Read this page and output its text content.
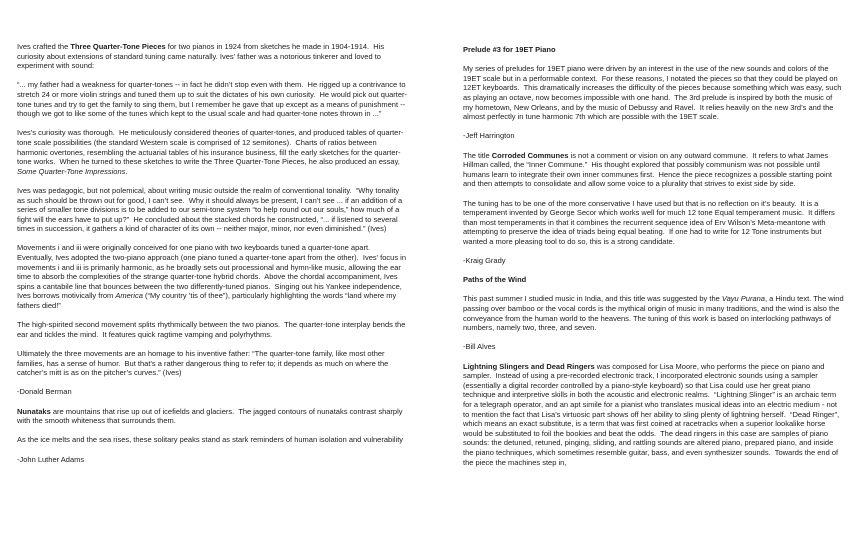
Ives crafted the Three Quarter-Tone Pieces for two pianos in 1924 from sketches he made in 1904-1914.  His curiosity about extensions of standard tuning came naturally. Ives’ father was a notorious tinkerer and loved to experiment with sound:

“... my father had a weakness for quarter-tones -- in fact he didn’t stop even with them.  He rigged up a contrivance to stretch 24 or more violin strings and tuned them up to suit the dictates of his own curiosity.  He would pick out quarter-tone tunes and try to get the family to sing them, but I remember he gave that up except as a means of punishment -- though we got to like some of the tunes which kept to the usual scale and had quarter-tone notes thrown in ...”

Ives’s curiosity was thorough.  He meticulously considered theories of quarter-tones, and produced tables of quarter-tone scale possibilities (the standard Western scale is comprised of 12 semitones).  Charts of ratios between harmonic overtones, resembling the actuarial tables of his insurance business, fill the early sketches for the quarter-tone works.  When he turned to these sketches to write the Three Quarter-Tone Pieces, he also produced an essay, Some Quarter-Tone Impressions.

Ives was pedagogic, but not polemical, about writing music outside the realm of conventional tonality.  “Why tonality as such should be thrown out for good, I can’t see.  Why it should always be present, I can’t see ... if an addition of a series of smaller tone divisions is to be added to our semi-tone system “to help round out our souls,” how much of a fight will the ears have to put up?”  He concluded about the stacked chords he constructed, “... if listened to several times in succession, it gathers a kind of character of its own -- neither major, minor, nor even diminished.” (Ives)

Movements i and iii were originally conceived for one piano with two keyboards tuned a quarter-tone apart.  Eventually, Ives adopted the two-piano approach (one piano tuned a quarter-tone apart from the other).  Ives’ focus in movements i and iii is primarily harmonic, as he broadly sets out processional and hymn-like music, allowing the ear time to absorb the complexities of the strange quarter-tone hybrid chords.  Above the chordal accompaniment, Ives spins a cantabile line that bounces between the two differently-tuned pianos.  Singing out his Yankee independence, Ives borrows motivically from America (“My country ’tis of thee”), particularly highlighting the words “land where my fathers died!”

The high-spirited second movement splits rhythmically between the two pianos.  The quarter-tone interplay bends the ear and tickles the mind.  It features quick ragtime vamping and polyrhythms.

Ultimately the three movements are an homage to his inventive father: “The quarter-tone family, like most other families, has a sense of humor.  But that’s a rather dangerous thing to refer to; it depends as much on where the catcher’s mitt is as on the pitcher’s curves.” (Ives)

-Donald Berman

Nunataks are mountains that rise up out of icefields and glaciers.  The jagged contours of nunataks contrast sharply with the smooth whiteness that surrounds them.

As the ice melts and the sea rises, these solitary peaks stand as stark reminders of human isolation and vulnerability

-John Luther Adams

Prelude #3 for 19ET Piano

My series of preludes for 19ET piano were driven by an interest in the use of the new sounds and colors of the 19ET scale but in a performable context.  For these reasons, I notated the pieces so that they could be played on 12ET keyboards.  This dramatically increases the difficulty of the pieces because something which was easy, such as playing an octave, now becomes impossible with one hand.  The 3rd prelude is inspired by both the music of my hometown, New Orleans, and by the music of Debussy and Ravel.  It relies heavily on the new 3rd’s and the almost perfectly in tune harmonic 7th which are possible with the 19ET scale.

-Jeff Harrington

The title Corroded Communes is not a comment or vision on any outward commune.  It refers to what James Hillman called, the “Inner Commune.”  His thought explored that possibly communism was not possible until humans learn to integrate their own inner communes first.  Hence the piece recognizes a possible starting point and then attempts to consolidate and allow some voice to a plurality that strives to exist side by side.

The tuning has to be one of the more conservative I have used but that is no reflection on it’s beauty.  It is a temperament invented by George Secor which works well for much 12 tone Equal temperament music.  It differs than most temperaments in that it combines the recurrent sequence idea of Erv Wilson’s Meta-meantone with attempting to preserve the idea of triads being equal beating.  If one had to write for 12 Tone instruments but wanted a more pleasing tool to do so, this is a strong candidate.

-Kraig Grady

Paths of the Wind

This past summer I studied music in India, and this title was suggested by the Vayu Purana, a Hindu text. The wind passing over bamboo or the vocal cords is the mythical origin of music in many traditions, and the wind is also the conveyance from the human world to the heavens. The tuning of this work is based on interlocking pathways of numbers, namely two, three, and seven.

-Bill Alves

Lightning Slingers and Dead Ringers was composed for Lisa Moore, who performs the piece on piano and sampler.  Instead of using a pre-recorded electronic track, I incorporated electronic sounds using a sampler (essentially a digital recorder controlled by a piano-style keyboard) so that Lisa could use her great piano technique and interpretive skills in both the acoustic and electronic realms.  “Lightning Slinger” is an archaic term for a telegraph operator, and an apt simile for a pianist who translates musical ideas into an electric medium - not to mention the fact that Lisa’s virtuosic part shows off her ability to sling plenty of lightning herself.  “Dead Ringer”, which means an exact substitute, is a term that was first coined at racetracks when a superior lookalike horse would be substituted to foil the bookies and beat the odds.  The dead ringers in this case are samples of piano sounds: the detuned, retuned, pinging, sliding, and rattling sounds are altered piano, prepared piano, and inside the piano techniques, which sometimes resemble guitar, bass, and even synthesizer sounds.  Towards the end of the piece the machines step in,
